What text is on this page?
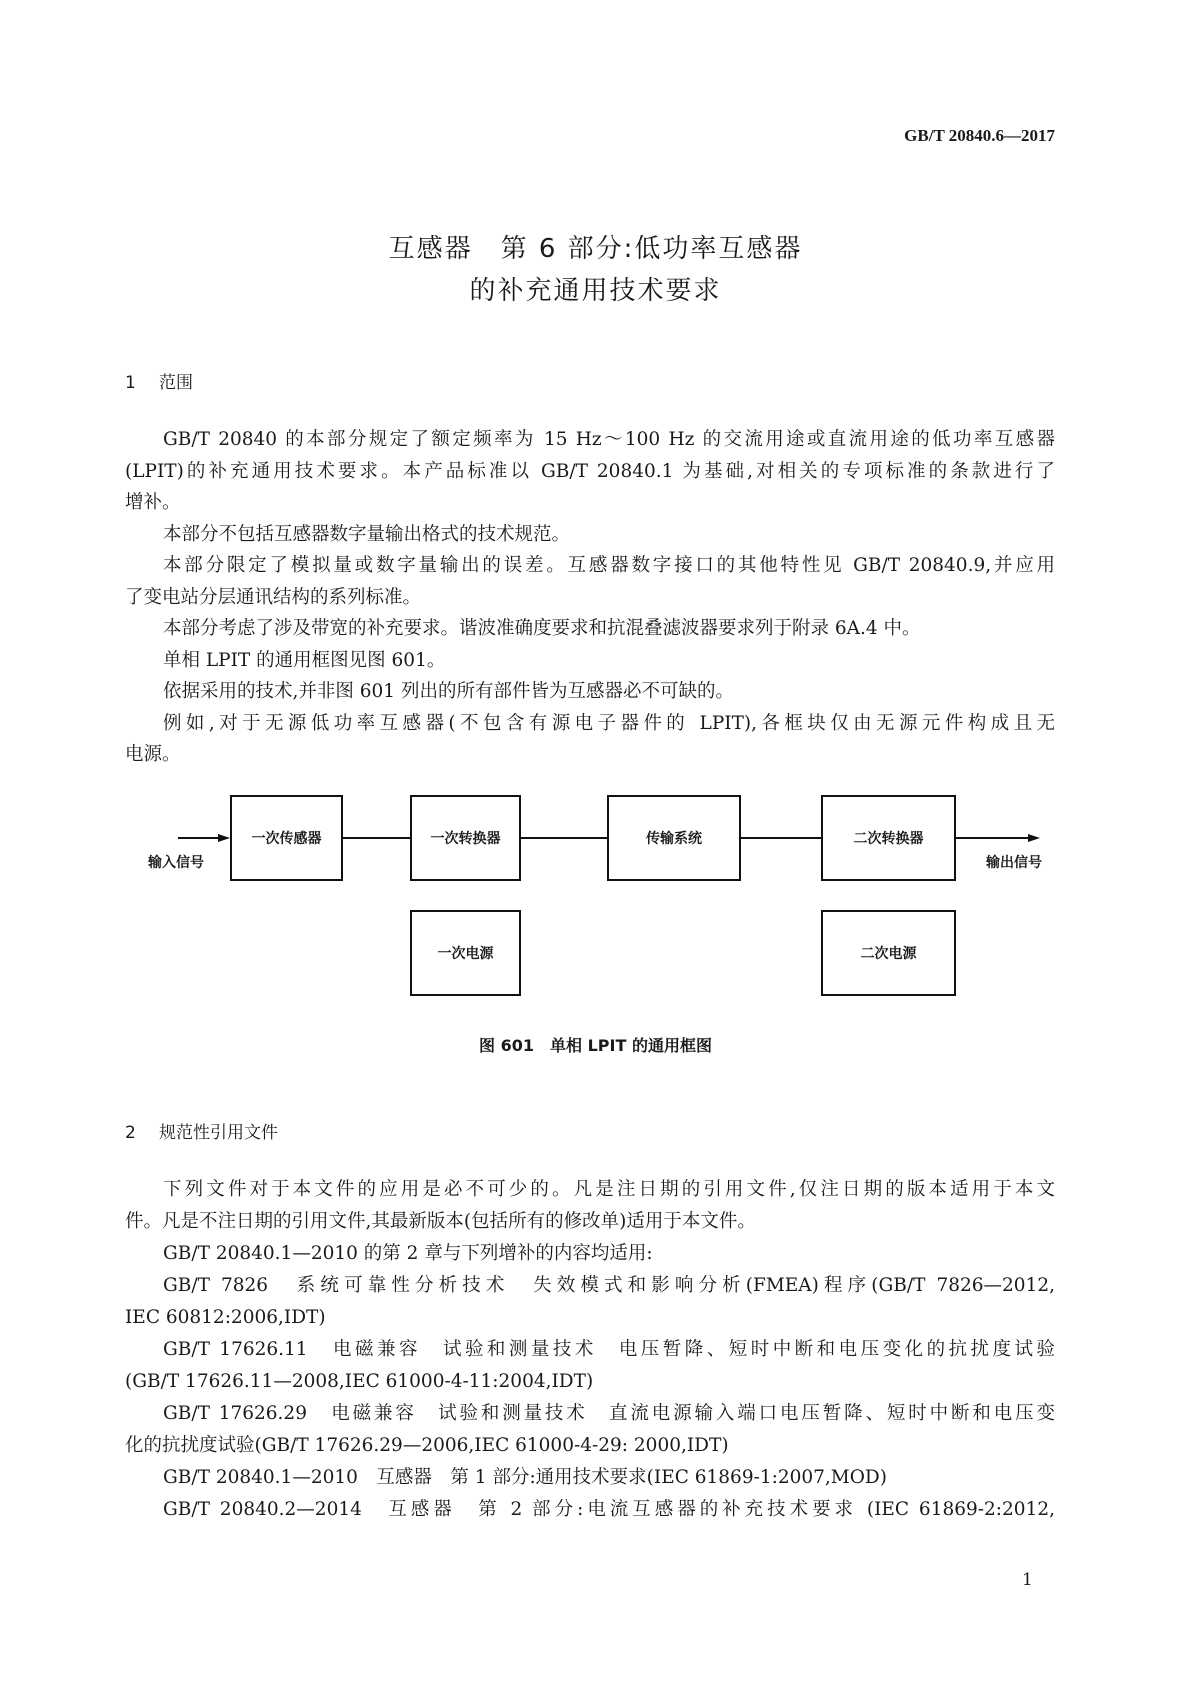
GB/T 20840.6—2017
互感器　第 6 部分:低功率互感器
的补充通用技术要求
1 范围
GB/T 20840 的本部分规定了额定频率为 15 Hz～100 Hz 的交流用途或直流用途的低功率互感器
(LPIT)的补充通用技术要求。本产品标准以 GB/T 20840.1 为基础,对相关的专项标准的条款进行了
增补。
本部分不包括互感器数字量输出格式的技术规范。
本部分限定了模拟量或数字量输出的误差。互感器数字接口的其他特性见 GB/T 20840.9,并应用
了变电站分层通讯结构的系列标准。
本部分考虑了涉及带宽的补充要求。谐波准确度要求和抗混叠滤波器要求列于附录 6A.4 中。
单相 LPIT 的通用框图见图 601。
依据采用的技术,并非图 601 列出的所有部件皆为互感器必不可缺的。
例如,对于无源低功率互感器(不包含有源电子器件的 LPIT),各框块仅由无源元件构成且无
电源。
输入信号
一次传感器	一次转换器	传输系统	二次转换器
输出信号
一次电源	二次电源
图 601　单相 LPIT 的通用框图
2 规范性引用文件
下列文件对于本文件的应用是必不可少的。凡是注日期的引用文件,仅注日期的版本适用于本文
件。凡是不注日期的引用文件,其最新版本(包括所有的修改单)适用于本文件。
GB/T 20840.1—2010 的第 2 章与下列增补的内容均适用:
GB/T 7826　系统可靠性分析技术　失效模式和影响分析(FMEA)程序(GB/T 7826—2012,
IEC 60812:2006,IDT)
GB/T 17626.11　电磁兼容　试验和测量技术　电压暂降、短时中断和电压变化的抗扰度试验
(GB/T 17626.11—2008,IEC 61000-4-11:2004,IDT)
GB/T 17626.29　电磁兼容　试验和测量技术　直流电源输入端口电压暂降、短时中断和电压变
化的抗扰度试验(GB/T 17626.29—2006,IEC 61000-4-29: 2000,IDT)
GB/T 20840.1—2010　互感器　第 1 部分:通用技术要求(IEC 61869-1:2007,MOD)
GB/T 20840.2—2014　互感器　第 2 部分:电流互感器的补充技术要求 (IEC 61869-2:2012,
1
